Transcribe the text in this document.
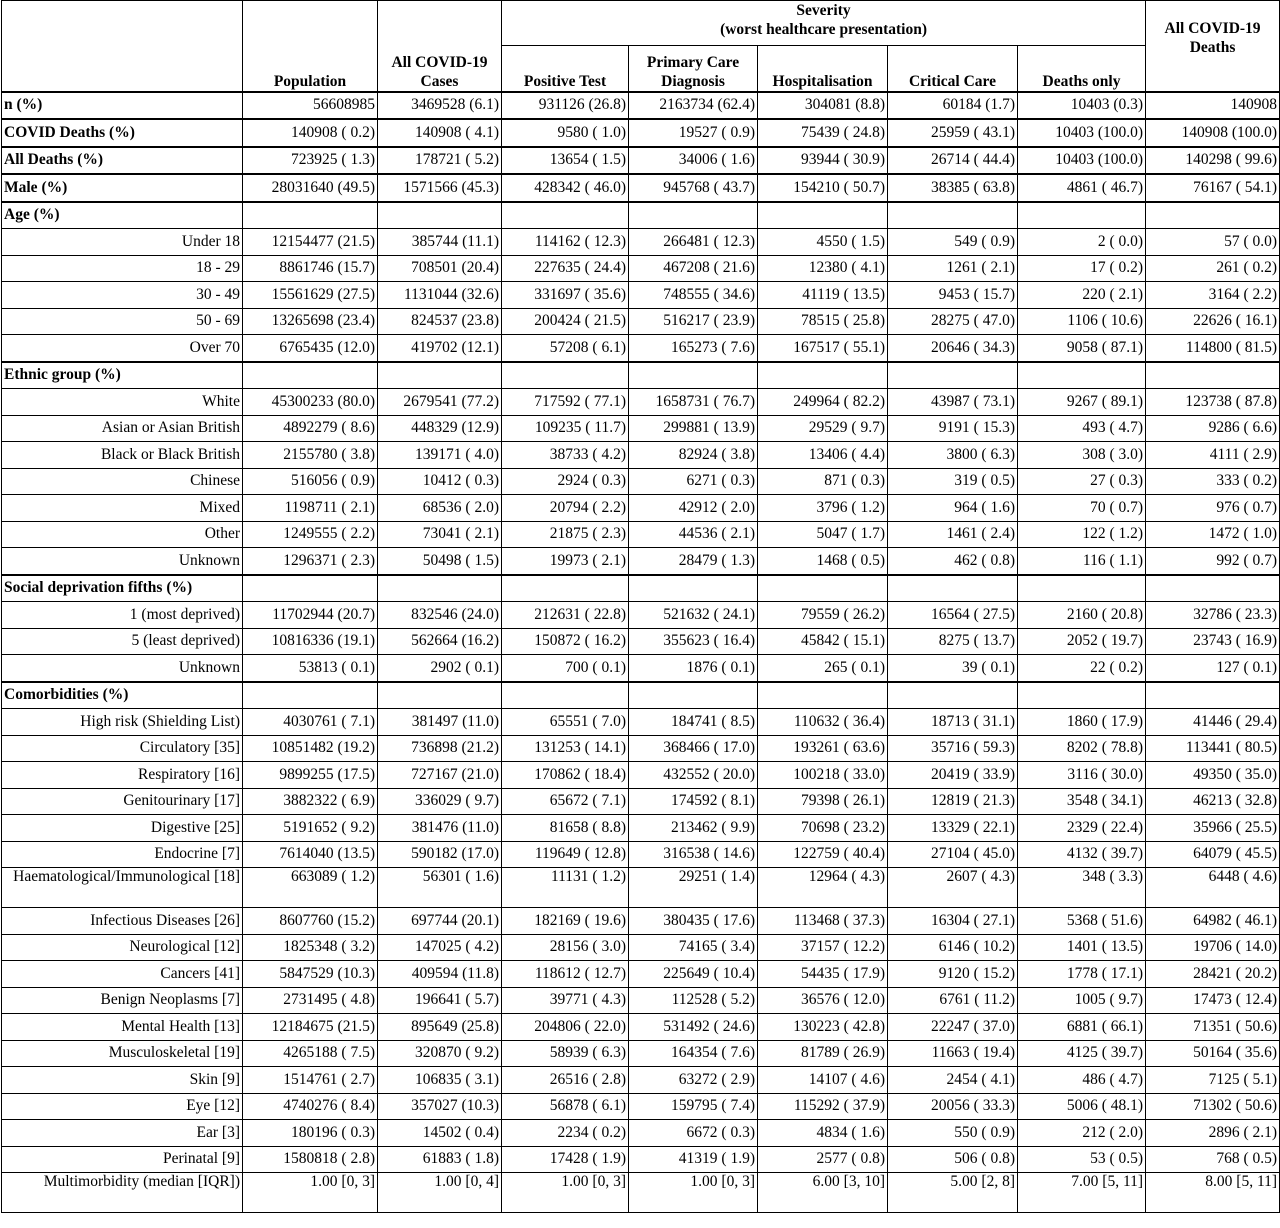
	Population	All COVID-19 Cases	Severity
(worst healthcare presentation)					All COVID-19 Deaths
			Positive Test	Primary Care Diagnosis	Hospitalisation	Critical Care	Deaths only	
n (%)	56608985	3469528 (6.1)	931126 (26.8)	2163734 (62.4)	304081 (8.8)	60184 (1.7)	10403 (0.3)	140908
COVID Deaths (%)	140908 ( 0.2)	140908 ( 4.1)	9580 ( 1.0)	19527 ( 0.9)	75439 ( 24.8)	25959 ( 43.1)	10403 (100.0)	140908 (100.0)
All Deaths (%)	723925 ( 1.3)	178721 ( 5.2)	13654 ( 1.5)	34006 ( 1.6)	93944 ( 30.9)	26714 ( 44.4)	10403 (100.0)	140298 ( 99.6)
Male (%)	28031640 (49.5)	1571566 (45.3)	428342 ( 46.0)	945768 ( 43.7)	154210 ( 50.7)	38385 ( 63.8)	4861 ( 46.7)	76167 ( 54.1)
Age (%)								
Under 18	12154477 (21.5)	385744 (11.1)	114162 ( 12.3)	266481 ( 12.3)	4550 ( 1.5)	549 ( 0.9)	2 ( 0.0)	57 ( 0.0)
18 - 29	8861746 (15.7)	708501 (20.4)	227635 ( 24.4)	467208 ( 21.6)	12380 ( 4.1)	1261 ( 2.1)	17 ( 0.2)	261 ( 0.2)
30 - 49	15561629 (27.5)	1131044 (32.6)	331697 ( 35.6)	748555 ( 34.6)	41119 ( 13.5)	9453 ( 15.7)	220 ( 2.1)	3164 ( 2.2)
50 - 69	13265698 (23.4)	824537 (23.8)	200424 ( 21.5)	516217 ( 23.9)	78515 ( 25.8)	28275 ( 47.0)	1106 ( 10.6)	22626 ( 16.1)
Over 70	6765435 (12.0)	419702 (12.1)	57208 ( 6.1)	165273 ( 7.6)	167517 ( 55.1)	20646 ( 34.3)	9058 ( 87.1)	114800 ( 81.5)
Ethnic group (%)								
White	45300233 (80.0)	2679541 (77.2)	717592 ( 77.1)	1658731 ( 76.7)	249964 ( 82.2)	43987 ( 73.1)	9267 ( 89.1)	123738 ( 87.8)
Asian or Asian British	4892279 ( 8.6)	448329 (12.9)	109235 ( 11.7)	299881 ( 13.9)	29529 ( 9.7)	9191 ( 15.3)	493 ( 4.7)	9286 ( 6.6)
Black or Black British	2155780 ( 3.8)	139171 ( 4.0)	38733 ( 4.2)	82924 ( 3.8)	13406 ( 4.4)	3800 ( 6.3)	308 ( 3.0)	4111 ( 2.9)
Chinese	516056 ( 0.9)	10412 ( 0.3)	2924 ( 0.3)	6271 ( 0.3)	871 ( 0.3)	319 ( 0.5)	27 ( 0.3)	333 ( 0.2)
Mixed	1198711 ( 2.1)	68536 ( 2.0)	20794 ( 2.2)	42912 ( 2.0)	3796 ( 1.2)	964 ( 1.6)	70 ( 0.7)	976 ( 0.7)
Other	1249555 ( 2.2)	73041 ( 2.1)	21875 ( 2.3)	44536 ( 2.1)	5047 ( 1.7)	1461 ( 2.4)	122 ( 1.2)	1472 ( 1.0)
Unknown	1296371 ( 2.3)	50498 ( 1.5)	19973 ( 2.1)	28479 ( 1.3)	1468 ( 0.5)	462 ( 0.8)	116 ( 1.1)	992 ( 0.7)
Social deprivation fifths (%)								
1 (most deprived)	11702944 (20.7)	832546 (24.0)	212631 ( 22.8)	521632 ( 24.1)	79559 ( 26.2)	16564 ( 27.5)	2160 ( 20.8)	32786 ( 23.3)
5 (least deprived)	10816336 (19.1)	562664 (16.2)	150872 ( 16.2)	355623 ( 16.4)	45842 ( 15.1)	8275 ( 13.7)	2052 ( 19.7)	23743 ( 16.9)
Unknown	53813 ( 0.1)	2902 ( 0.1)	700 ( 0.1)	1876 ( 0.1)	265 ( 0.1)	39 ( 0.1)	22 ( 0.2)	127 ( 0.1)
Comorbidities (%)								
High risk (Shielding List)	4030761 ( 7.1)	381497 (11.0)	65551 ( 7.0)	184741 ( 8.5)	110632 ( 36.4)	18713 ( 31.1)	1860 ( 17.9)	41446 ( 29.4)
Circulatory [35]	10851482 (19.2)	736898 (21.2)	131253 ( 14.1)	368466 ( 17.0)	193261 ( 63.6)	35716 ( 59.3)	8202 ( 78.8)	113441 ( 80.5)
Respiratory [16]	9899255 (17.5)	727167 (21.0)	170862 ( 18.4)	432552 ( 20.0)	100218 ( 33.0)	20419 ( 33.9)	3116 ( 30.0)	49350 ( 35.0)
Genitourinary [17]	3882322 ( 6.9)	336029 ( 9.7)	65672 ( 7.1)	174592 ( 8.1)	79398 ( 26.1)	12819 ( 21.3)	3548 ( 34.1)	46213 ( 32.8)
Digestive [25]	5191652 ( 9.2)	381476 (11.0)	81658 ( 8.8)	213462 ( 9.9)	70698 ( 23.2)	13329 ( 22.1)	2329 ( 22.4)	35966 ( 25.5)
Endocrine [7]	7614040 (13.5)	590182 (17.0)	119649 ( 12.8)	316538 ( 14.6)	122759 ( 40.4)	27104 ( 45.0)	4132 ( 39.7)	64079 ( 45.5)
Haematological/Immunological [18]	663089 ( 1.2)	56301 ( 1.6)	11131 ( 1.2)	29251 ( 1.4)	12964 ( 4.3)	2607 ( 4.3)	348 ( 3.3)	6448 ( 4.6)
Infectious Diseases [26]	8607760 (15.2)	697744 (20.1)	182169 ( 19.6)	380435 ( 17.6)	113468 ( 37.3)	16304 ( 27.1)	5368 ( 51.6)	64982 ( 46.1)
Neurological [12]	1825348 ( 3.2)	147025 ( 4.2)	28156 ( 3.0)	74165 ( 3.4)	37157 ( 12.2)	6146 ( 10.2)	1401 ( 13.5)	19706 ( 14.0)
Cancers [41]	5847529 (10.3)	409594 (11.8)	118612 ( 12.7)	225649 ( 10.4)	54435 ( 17.9)	9120 ( 15.2)	1778 ( 17.1)	28421 ( 20.2)
Benign Neoplasms [7]	2731495 ( 4.8)	196641 ( 5.7)	39771 ( 4.3)	112528 ( 5.2)	36576 ( 12.0)	6761 ( 11.2)	1005 ( 9.7)	17473 ( 12.4)
Mental Health [13]	12184675 (21.5)	895649 (25.8)	204806 ( 22.0)	531492 ( 24.6)	130223 ( 42.8)	22247 ( 37.0)	6881 ( 66.1)	71351 ( 50.6)
Musculoskeletal [19]	4265188 ( 7.5)	320870 ( 9.2)	58939 ( 6.3)	164354 ( 7.6)	81789 ( 26.9)	11663 ( 19.4)	4125 ( 39.7)	50164 ( 35.6)
Skin [9]	1514761 ( 2.7)	106835 ( 3.1)	26516 ( 2.8)	63272 ( 2.9)	14107 ( 4.6)	2454 ( 4.1)	486 ( 4.7)	7125 ( 5.1)
Eye [12]	4740276 ( 8.4)	357027 (10.3)	56878 ( 6.1)	159795 ( 7.4)	115292 ( 37.9)	20056 ( 33.3)	5006 ( 48.1)	71302 ( 50.6)
Ear [3]	180196 ( 0.3)	14502 ( 0.4)	2234 ( 0.2)	6672 ( 0.3)	4834 ( 1.6)	550 ( 0.9)	212 ( 2.0)	2896 ( 2.1)
Perinatal [9]	1580818 ( 2.8)	61883 ( 1.8)	17428 ( 1.9)	41319 ( 1.9)	2577 ( 0.8)	506 ( 0.8)	53 ( 0.5)	768 ( 0.5)
Multimorbidity (median [IQR])	1.00 [0, 3]	1.00 [0, 4]	1.00 [0, 3]	1.00 [0, 3]	6.00 [3, 10]	5.00 [2, 8]	7.00 [5, 11]	8.00 [5, 11]
